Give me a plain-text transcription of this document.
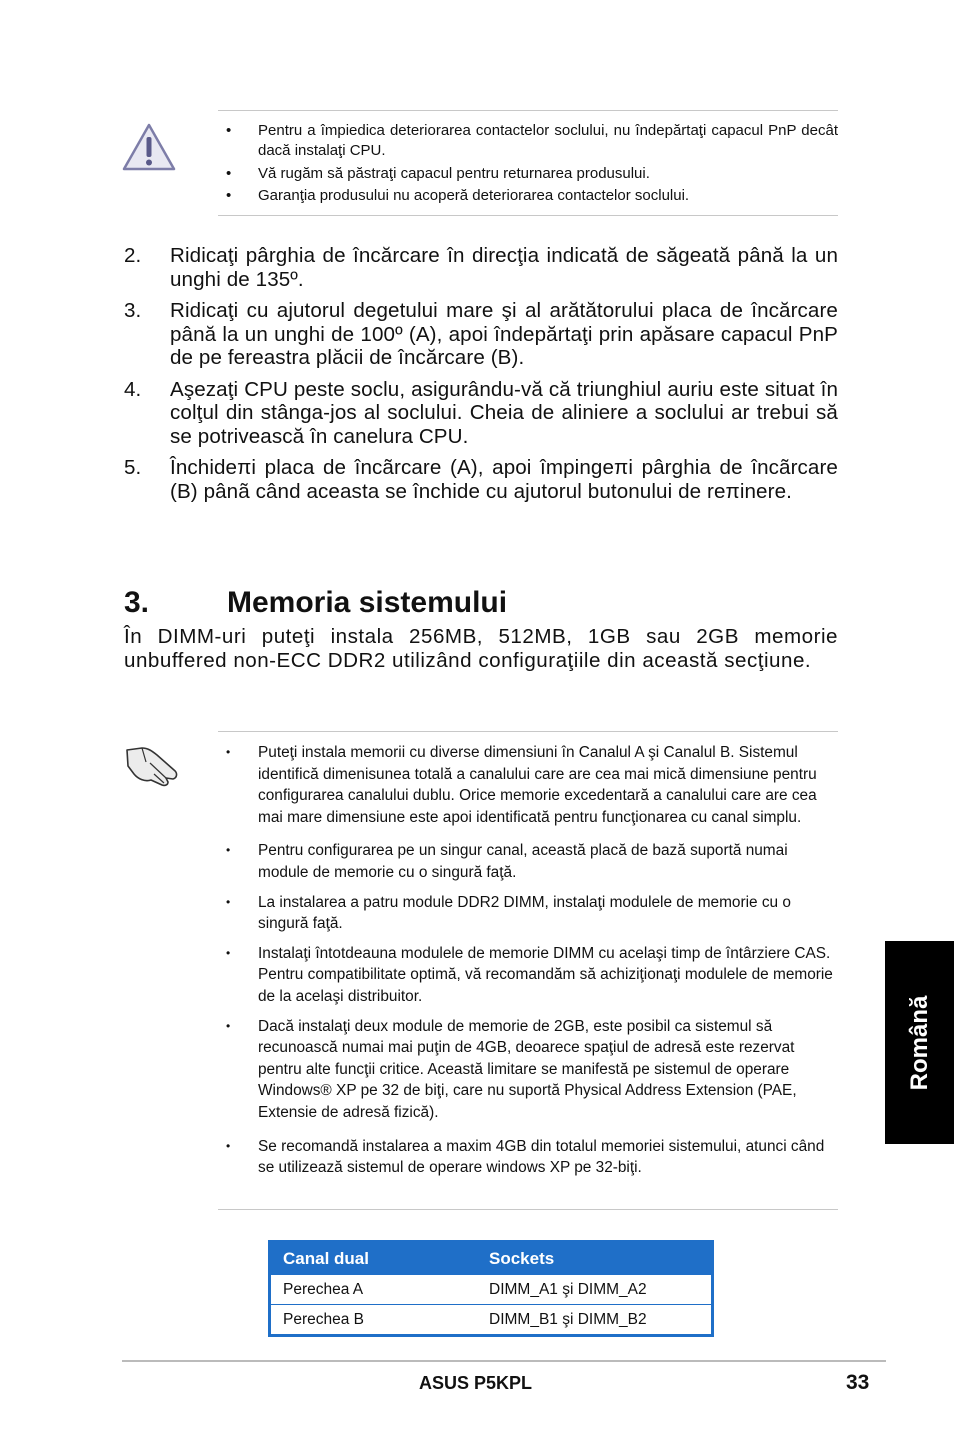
• Pentru a împiedica deteriorarea contactelor soclului, nu îndepărtaţi capacul PnP decât dacă instalaţi CPU.
• Vă rugăm să păstraţi capacul pentru returnarea produsului.
• Garanţia produsului nu acoperă deteriorarea contactelor soclului.
2. Ridicaţi pârghia de încărcare în direcţia indicată de săgeată până la un unghi de 135º.
3. Ridicaţi cu ajutorul degetului mare şi al arătătorului placa de încărcare până la un unghi de 100º (A), apoi îndepărtaţi prin apăsare capacul PnP de pe fereastra plăcii de încărcare (B).
4. Aşezaţi CPU peste soclu, asigurându-vă că triunghiul auriu este situat în colţul din stânga-jos al soclului. Cheia de aliniere a soclului ar trebui să se potrivească în canelura CPU.
5. Închideπi placa de încãrcare (A), apoi împingeπi pârghia de încãrcare (B) pânã când aceasta se închide cu ajutorul butonului de reπinere.
3.	Memoria sistemului
În DIMM-uri puteţi instala 256MB, 512MB, 1GB sau 2GB memorie unbuffered non-ECC DDR2 utilizând configuraţiile din această secţiune.
• Puteţi instala memorii cu diverse dimensiuni în Canalul A şi Canalul B. Sistemul identifică dimenisunea totală a canalului care are cea mai mică dimensiune pentru configurarea canalului dublu. Orice memorie excedentară a canalului care are cea mai mare dimensiune este apoi identificată pentru funcţionarea cu canal simplu.
• Pentru configurarea pe un singur canal, această placă de bază suportă numai module de memorie cu o singură faţă.
• La instalarea a patru module DDR2 DIMM, instalaţi modulele de memorie cu o singură faţă.
• Instalaţi întotdeauna modulele de memorie DIMM cu acelaşi timp de întârziere CAS. Pentru compatibilitate optimă, vă recomandăm să achiziţionaţi modulele de memorie de la acelaşi distribuitor.
• Dacă instalaţi deux module de memorie de 2GB, este posibil ca sistemul să recunoască numai mai puţin de 4GB, deoarece spaţiul de adresă este rezervat pentru alte funcţii critice. Această limitare se manifestă pe sistemul de operare Windows® XP pe 32 de biţi, care nu suportă Physical Address Extension (PAE, Extensie de adresă fizică).
• Se recomandă instalarea a maxim 4GB din totalul memoriei sistemului, atunci când se utilizează sistemul de operare windows XP pe 32-biţi.
Canal dual	Sockets
Perechea A	DIMM_A1 şi DIMM_A2
Perechea B	DIMM_B1 şi DIMM_B2
Română
ASUS P5KPL	33
